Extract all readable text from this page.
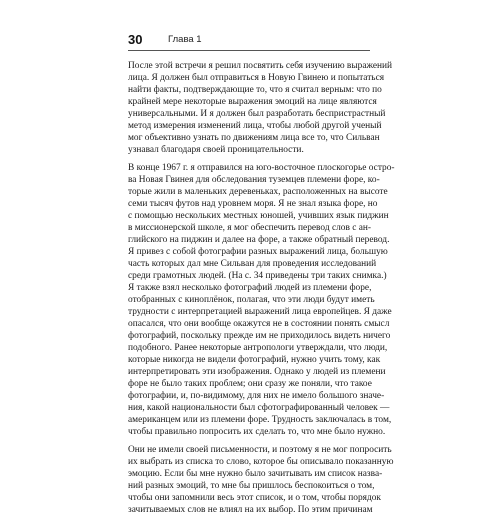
30	Глава 1
После этой встречи я решил посвятить себя изучению выражений
лица. Я должен был отправиться в Новую Гвинею и попытаться
найти факты, подтверждающие то, что я считал верным: что по
крайней мере некоторые выражения эмоций на лице являются
универсальными. И я должен был разработать беспристрастный
метод измерения изменений лица, чтобы любой другой ученый
мог объективно узнать по движениям лица все то, что Сильван
узнавал благодаря своей проницательности.
В конце 1967 г. я отправился на юго-восточное плоскогорье остро-
ва Новая Гвинея для обследования туземцев племени форе, ко-
торые жили в маленьких деревеньках, расположенных на высоте
семи тысяч футов над уровнем моря. Я не знал языка форе, но
с помощью нескольких местных юношей, учивших язык пиджин
в миссионерской школе, я мог обеспечить перевод слов с ан-
глийского на пиджин и далее на форе, а также обратный перевод.
Я привез с собой фотографии разных выражений лица, большую
часть которых дал мне Сильван для проведения исследований
среди грамотных людей. (На с. 34 приведены три таких снимка.)
Я также взял несколько фотографий людей из племени форе,
отобранных с киноплёнок, полагая, что эти люди будут иметь
трудности с интерпретацией выражений лица европейцев. Я даже
опасался, что они вообще окажутся не в состоянии понять смысл
фотографий, поскольку прежде им не приходилось видеть ничего
подобного. Ранее некоторые антропологи утверждали, что люди,
которые никогда не видели фотографий, нужно учить тому, как
интерпретировать эти изображения. Однако у людей из племени
форе не было таких проблем; они сразу же поняли, что такое
фотографии, и, по-видимому, для них не имело большого значе-
ния, какой национальности был сфотографированный человек —
американцем или из племени форе. Трудность заключалась в том,
чтобы правильно попросить их сделать то, что мне было нужно.
Они не имели своей письменности, и поэтому я не мог попросить
их выбрать из списка то слово, которое бы описывало показанную
эмоцию. Если бы мне нужно было зачитывать им список назва-
ний разных эмоций, то мне бы пришлось беспокоиться о том,
чтобы они запомнили весь этот список, и о том, чтобы порядок
зачитываемых слов не влиял на их выбор. По этим причинам
